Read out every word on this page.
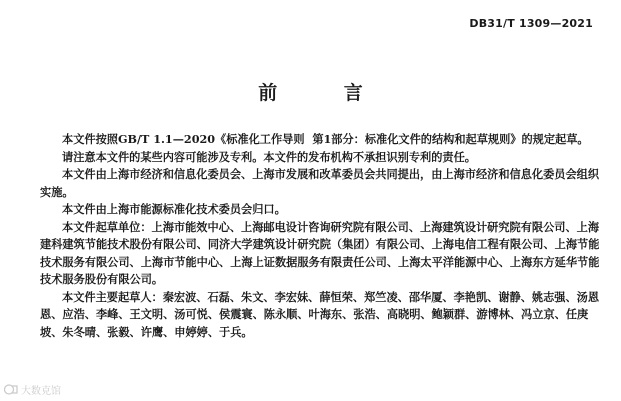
DB31/T 1309—2021
前 言

本文件按照GB/T 1.1—2020《标准化工作导则  第1部分：标准化文件的结构和起草规则》的规定起草。

请注意本文件的某些内容可能涉及专利。本文件的发布机构不承担识别专利的责任。

本文件由上海市经济和信息化委员会、上海市发展和改革委员会共同提出，由上海市经济和信息化委员会组织实施。

本文件由上海市能源标准化技术委员会归口。

本文件起草单位：上海市能效中心、上海邮电设计咨询研究院有限公司、上海建筑设计研究院有限公司、上海建科建筑节能技术股份有限公司、同济大学建筑设计研究院（集团）有限公司、上海电信工程有限公司、上海节能技术服务有限公司、上海市节能中心、上海上证数据服务有限责任公司、上海太平洋能源中心、上海东方延华节能技术服务股份有限公司。

本文件主要起草人：秦宏波、石磊、朱文、李宏妹、薛恒荣、郑竺凌、邵华厦、李艳凯、谢静、姚志强、汤恩恩、应浩、李峰、王文明、汤可悦、侯震寰、陈永顺、叶海东、张浩、高晓明、鲍颖群、游博林、冯立京、任庚坡、朱冬晴、张毅、许鹰、申婷婷、于兵。

大数克馆
